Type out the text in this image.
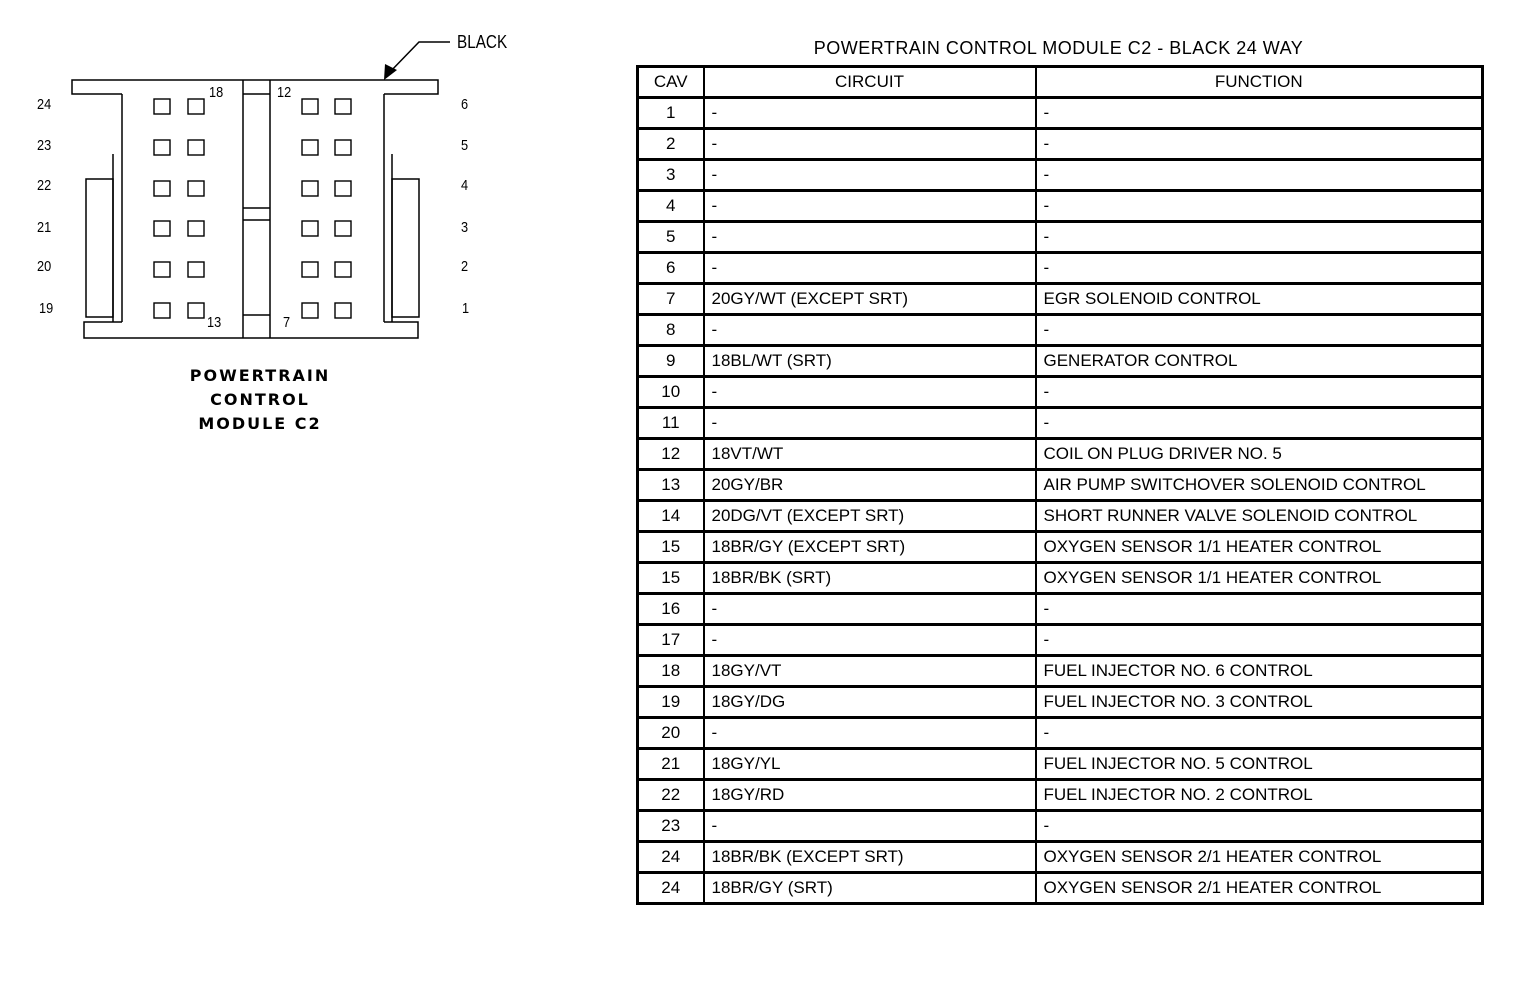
BLACK
24
23
22
21
20
19
6
5
4
3
2
1
18	12
13	7
POWERTRAIN
CONTROL
MODULE C2
POWERTRAIN CONTROL MODULE C2 - BLACK 24 WAY
CAV	CIRCUIT	FUNCTION
1	-	-
2	-	-
3	-	-
4	-	-
5	-	-
6	-	-
7	20GY/WT (EXCEPT SRT)	EGR SOLENOID CONTROL
8	-	-
9	18BL/WT (SRT)	GENERATOR CONTROL
10	-	-
11	-	-
12	18VT/WT	COIL ON PLUG DRIVER NO. 5
13	20GY/BR	AIR PUMP SWITCHOVER SOLENOID CONTROL
14	20DG/VT (EXCEPT SRT)	SHORT RUNNER VALVE SOLENOID CONTROL
15	18BR/GY (EXCEPT SRT)	OXYGEN SENSOR 1/1 HEATER CONTROL
15	18BR/BK (SRT)	OXYGEN SENSOR 1/1 HEATER CONTROL
16	-	-
17	-	-
18	18GY/VT	FUEL INJECTOR NO. 6 CONTROL
19	18GY/DG	FUEL INJECTOR NO. 3 CONTROL
20	-	-
21	18GY/YL	FUEL INJECTOR NO. 5 CONTROL
22	18GY/RD	FUEL INJECTOR NO. 2 CONTROL
23	-	-
24	18BR/BK (EXCEPT SRT)	OXYGEN SENSOR 2/1 HEATER CONTROL
24	18BR/GY (SRT)	OXYGEN SENSOR 2/1 HEATER CONTROL
